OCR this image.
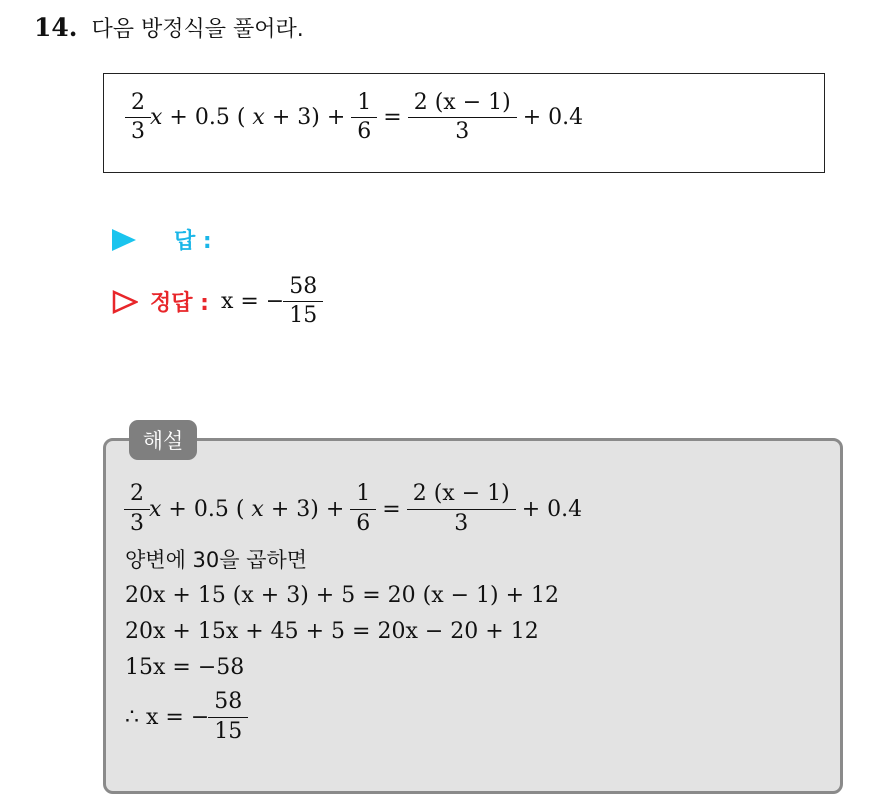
14. 다음 방정식을 풀어라.
$\frac{2}{3}$ x + 0.5 ( $x + 3) + \frac{1}{6} = \frac{2 (x - 1)}{3} + 0.4$
답 :
정답 : x = − $\frac{58}{15}$
해설
$\frac{2}{3}$ x + 0.5 ( $x + 3) + \frac{1}{6} = \frac{2 (x - 1)}{3} + 0.4$
양변에 30을 곱하면
20x + 15 (x + 3) + 5 = 20 (x − 1) + 12
20x + 15x + 45 + 5 = 20x − 20 + 12
15x = −58
∴ x = − $\frac{58}{15}$
